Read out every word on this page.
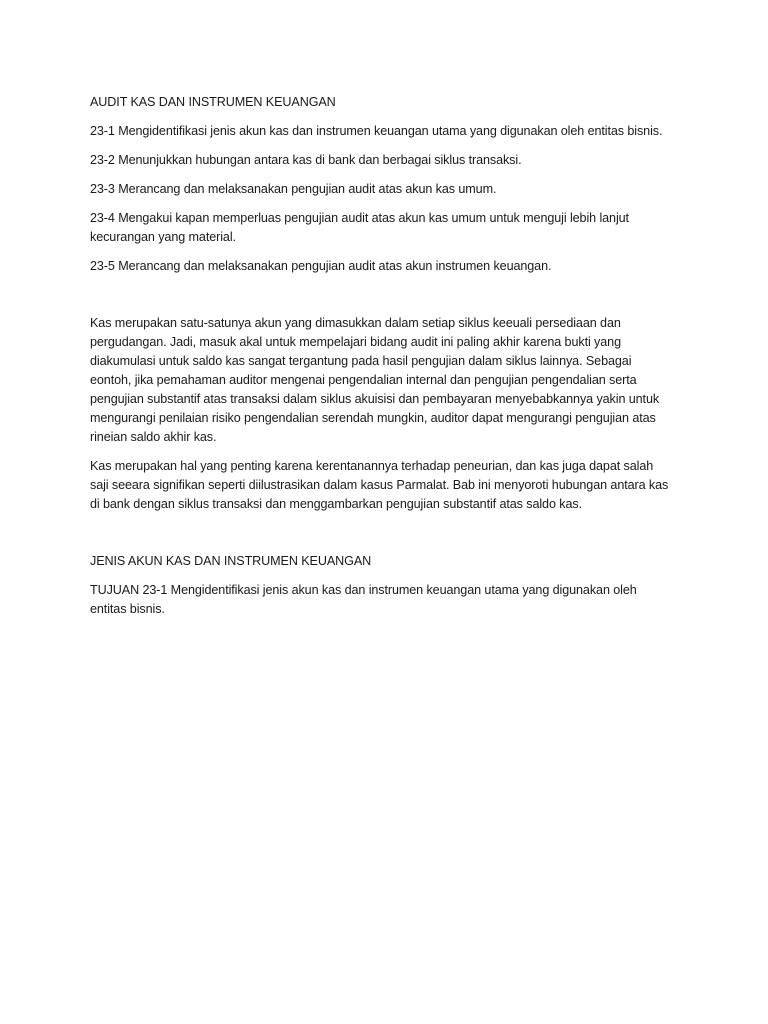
AUDIT KAS DAN INSTRUMEN KEUANGAN

23-1 Mengidentifikasi jenis akun kas dan instrumen keuangan utama yang digunakan oleh entitas bisnis.

23-2 Menunjukkan hubungan antara kas di bank dan berbagai siklus transaksi.

23-3 Merancang dan melaksanakan pengujian audit atas akun kas umum.

23-4 Mengakui kapan memperluas pengujian audit atas akun kas umum untuk menguji lebih lanjut
kecurangan yang material.

23-5 Merancang dan melaksanakan pengujian audit atas akun instrumen keuangan.

Kas merupakan satu-satunya akun yang dimasukkan dalam setiap siklus keeuali persediaan dan
pergudangan. Jadi, masuk akal untuk mempelajari bidang audit ini paling akhir karena bukti yang
diakumulasi untuk saldo kas sangat tergantung pada hasil pengujian dalam siklus lainnya. Sebagai
eontoh, jika pemahaman auditor mengenai pengendalian internal dan pengujian pengendalian serta
pengujian substantif atas transaksi dalam siklus akuisisi dan pembayaran menyebabkannya yakin untuk
mengurangi penilaian risiko pengendalian serendah mungkin, auditor dapat mengurangi pengujian atas
rineian saldo akhir kas.

Kas merupakan hal yang penting karena kerentanannya terhadap peneurian, dan kas juga dapat salah
saji seeara signifikan seperti diilustrasikan dalam kasus Parmalat. Bab ini menyoroti hubungan antara kas
di bank dengan siklus transaksi dan menggambarkan pengujian substantif atas saldo kas.

JENIS AKUN KAS DAN INSTRUMEN KEUANGAN

TUJUAN 23-1 Mengidentifikasi jenis akun kas dan instrumen keuangan utama yang digunakan oleh
entitas bisnis.
